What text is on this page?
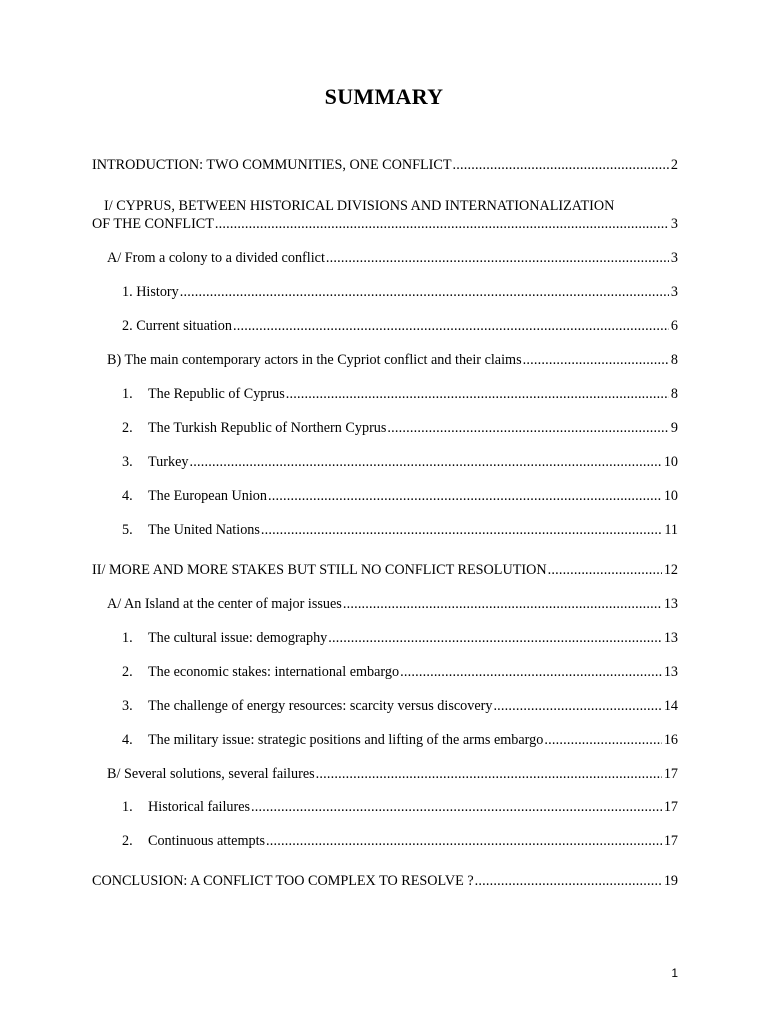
SUMMARY
INTRODUCTION: TWO COMMUNITIES, ONE CONFLICT .....	2
I/ CYPRUS, BETWEEN HISTORICAL DIVISIONS AND INTERNATIONALIZATION
OF THE CONFLICT .....	3
A/ From a colony to a divided conflict .....	3
1. History .....	3
2. Current situation .....	6
B) The main contemporary actors in the Cypriot conflict and their claims .....	8
1. The Republic of Cyprus .....	8
2. The Turkish Republic of Northern Cyprus .....	9
3. Turkey .....	10
4. The European Union .....	10
5. The United Nations .....	11
II/ MORE AND MORE STAKES BUT STILL NO CONFLICT RESOLUTION .....	12
A/ An Island at the center of major issues .....	13
1. The cultural issue: demography .....	13
2. The economic stakes: international embargo .....	13
3. The challenge of energy resources: scarcity versus discovery .....	14
4. The military issue: strategic positions and lifting of the arms embargo .....	16
B/ Several solutions, several failures .....	17
1. Historical failures .....	17
2. Continuous attempts .....	17
CONCLUSION: A CONFLICT TOO COMPLEX TO RESOLVE ? .....	19
1
